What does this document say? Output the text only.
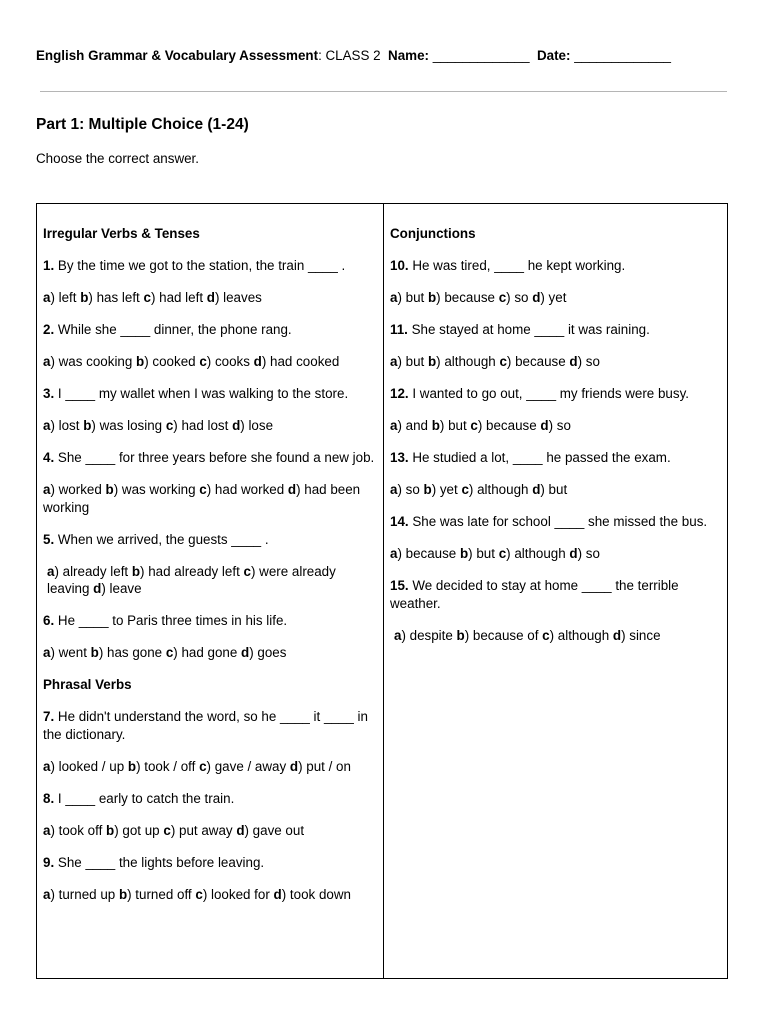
English Grammar & Vocabulary Assessment: CLASS 2 Name: _____________ Date: _____________
Part 1: Multiple Choice (1-24)
Choose the correct answer.
Irregular Verbs & Tenses
1. By the time we got to the station, the train ____ .
a) left b) has left c) had left d) leaves
2. While she ____ dinner, the phone rang.
a) was cooking b) cooked c) cooks d) had cooked
3. I ____ my wallet when I was walking to the store.
a) lost b) was losing c) had lost d) lose
4. She ____ for three years before she found a new job.
a) worked b) was working c) had worked d) had been working
5. When we arrived, the guests ____ .
a) already left b) had already left c) were already leaving d) leave
6. He ____ to Paris three times in his life.
a) went b) has gone c) had gone d) goes
Phrasal Verbs
7. He didn't understand the word, so he ____ it ____ in the dictionary.
a) looked / up b) took / off c) gave / away d) put / on
8. I ____ early to catch the train.
a) took off b) got up c) put away d) gave out
9. She ____ the lights before leaving.
a) turned up b) turned off c) looked for d) took down
Conjunctions
10. He was tired, ____ he kept working.
a) but b) because c) so d) yet
11. She stayed at home ____ it was raining.
a) but b) although c) because d) so
12. I wanted to go out, ____ my friends were busy.
a) and b) but c) because d) so
13. He studied a lot, ____ he passed the exam.
a) so b) yet c) although d) but
14. She was late for school ____ she missed the bus.
a) because b) but c) although d) so
15. We decided to stay at home ____ the terrible weather.
a) despite b) because of c) although d) since
